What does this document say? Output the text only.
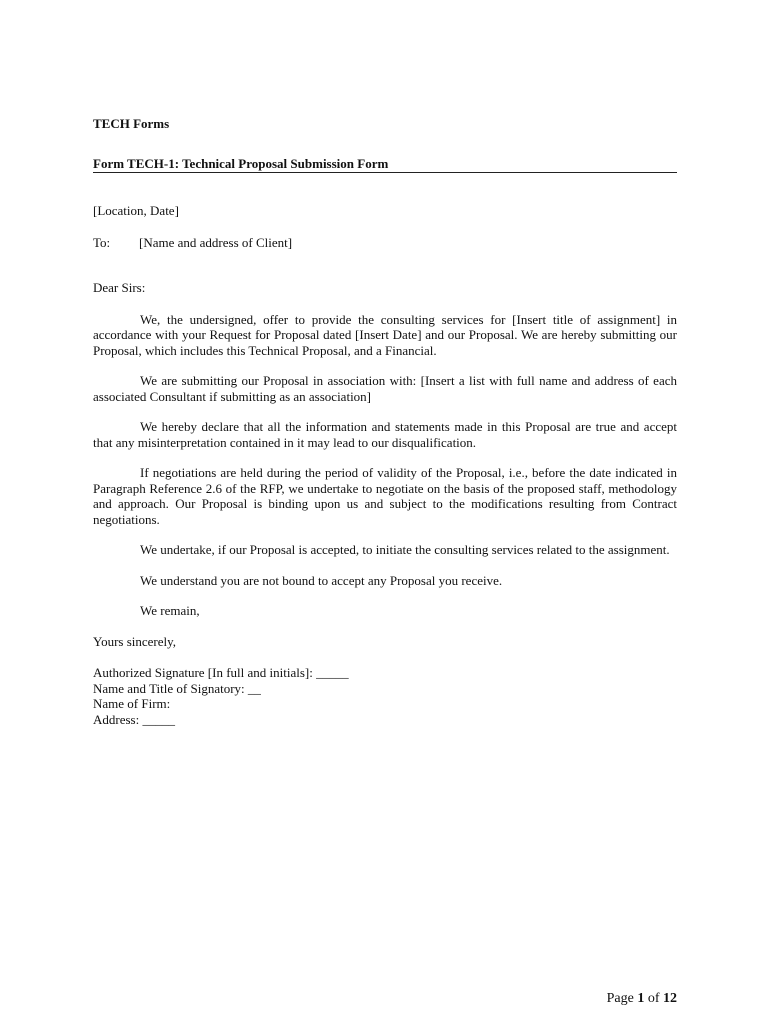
TECH Forms

Form TECH-1: Technical Proposal Submission Form

[Location, Date]

To:	[Name and address of Client]

Dear Sirs:

We, the undersigned, offer to provide the consulting services for [Insert title of assignment] in accordance with your Request for Proposal dated [Insert Date] and our Proposal. We are hereby submitting our Proposal, which includes this Technical Proposal, and a Financial.

We are submitting our Proposal in association with: [Insert a list with full name and address of each associated Consultant if submitting as an association]

We hereby declare that all the information and statements made in this Proposal are true and accept that any misinterpretation contained in it may lead to our disqualification.

If negotiations are held during the period of validity of the Proposal, i.e., before the date indicated in Paragraph Reference 2.6 of the RFP, we undertake to negotiate on the basis of the proposed staff, methodology and approach. Our Proposal is binding upon us and subject to the modifications resulting from Contract negotiations.

We undertake, if our Proposal is accepted, to initiate the consulting services related to the assignment.

We understand you are not bound to accept any Proposal you receive.

We remain,

Yours sincerely,

Authorized Signature [In full and initials]: _____

Name and Title of Signatory: __

Name of Firm:

Address: _____

Page 1 of 12
